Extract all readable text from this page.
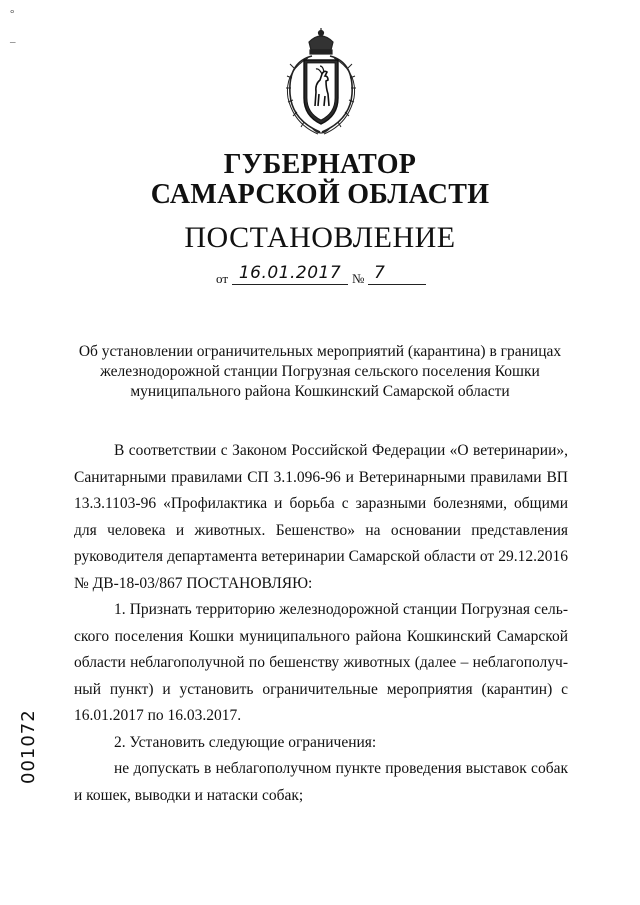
°
–
ГУБЕРНАТОР
САМАРСКОЙ ОБЛАСТИ
ПОСТАНОВЛЕНИЕ
от 16.01.2017 № 7
Об установлении ограничительных мероприятий (карантина) в границах железнодорожной станции Погрузная сельского поселения Кошки муниципального района Кошкинский Самарской области

В соответствии с Законом Российской Федерации «О ветеринарии», Санитарными правилами СП 3.1.096-96 и Ветеринарными правилами ВП 13.3.1103-96 «Профилактика и борьба с заразными болезнями, общими для человека и животных. Бешенство» на основании представления руководителя департамента ветеринарии Самарской области от 29.12.2016 № ДВ-18-03/867 ПОСТАНОВЛЯЮ:

1. Признать территорию железнодорожной станции Погрузная сельского поселения Кошки муниципального района Кошкинский Самарской области неблагополучной по бешенству животных (далее – неблагополучный пункт) и установить ограничительные мероприятия (карантин) с 16.01.2017 по 16.03.2017.

2. Установить следующие ограничения:

не допускать в неблагополучном пункте проведения выставок собак и кошек, выводки и натаски собак;

001072
